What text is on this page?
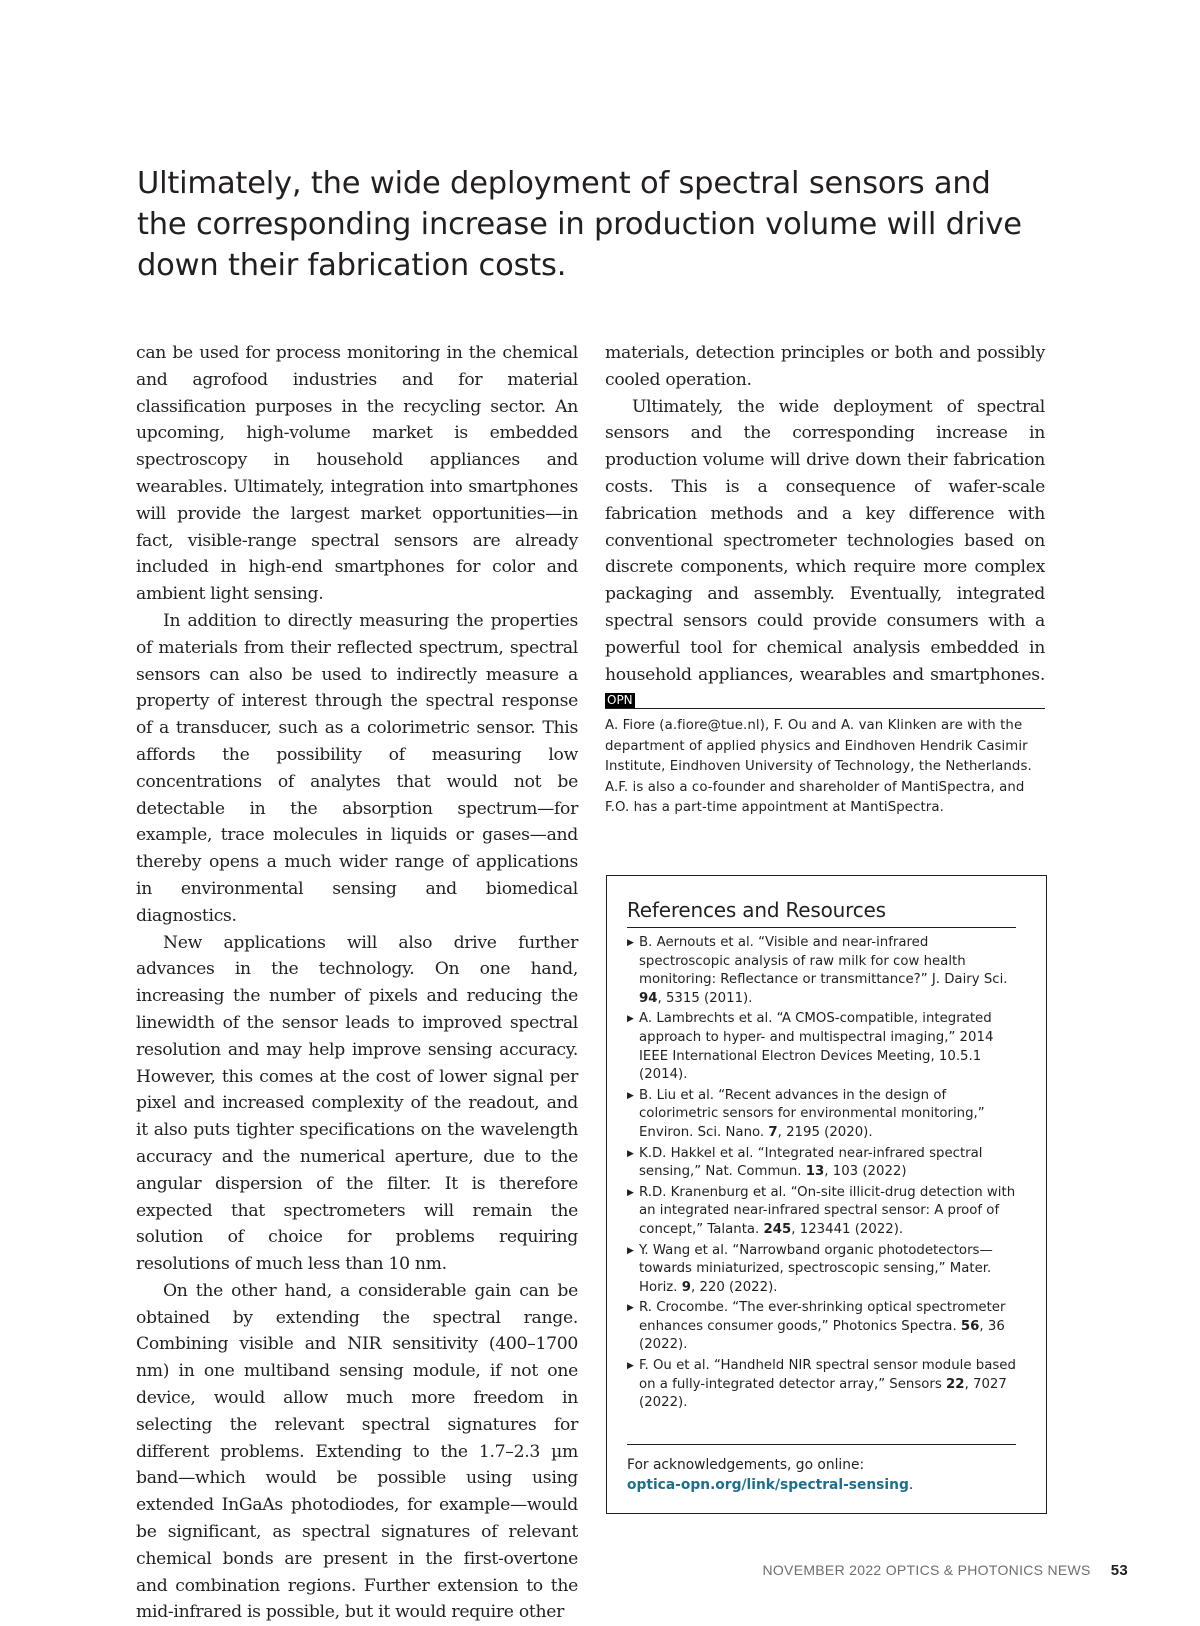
Ultimately, the wide deployment of spectral sensors and the corresponding increase in production volume will drive down their fabrication costs.

can be used for process monitoring in the chemical and agrofood industries and for material classification purposes in the recycling sector. An upcoming, high-volume market is embedded spectroscopy in household appliances and wearables. Ultimately, integration into smartphones will provide the largest market opportunities—in fact, visible-range spectral sensors are already included in high-end smartphones for color and ambient light sensing.

In addition to directly measuring the properties of materials from their reflected spectrum, spectral sensors can also be used to indirectly measure a property of interest through the spectral response of a transducer, such as a colorimetric sensor. This affords the possibility of measuring low concentrations of analytes that would not be detectable in the absorption spectrum—for example, trace molecules in liquids or gases—and thereby opens a much wider range of applications in environmental sensing and biomedical diagnostics.

New applications will also drive further advances in the technology. On one hand, increasing the number of pixels and reducing the linewidth of the sensor leads to improved spectral resolution and may help improve sensing accuracy. However, this comes at the cost of lower signal per pixel and increased complexity of the readout, and it also puts tighter specifications on the wavelength accuracy and the numerical aperture, due to the angular dispersion of the filter. It is therefore expected that spectrometers will remain the solution of choice for problems requiring resolutions of much less than 10 nm.

On the other hand, a considerable gain can be obtained by extending the spectral range. Combining visible and NIR sensitivity (400–1700 nm) in one multiband sensing module, if not one device, would allow much more freedom in selecting the relevant spectral signatures for different problems. Extending to the 1.7–2.3 µm band—which would be possible using using extended InGaAs photodiodes, for example—would be significant, as spectral signatures of relevant chemical bonds are present in the first-overtone and combination regions. Further extension to the mid-infrared is possible, but it would require other

materials, detection principles or both and possibly cooled operation.

Ultimately, the wide deployment of spectral sensors and the corresponding increase in production volume will drive down their fabrication costs. This is a consequence of wafer-scale fabrication methods and a key difference with conventional spectrometer technologies based on discrete components, which require more complex packaging and assembly. Eventually, integrated spectral sensors could provide consumers with a powerful tool for chemical analysis embedded in household appliances, wearables and smartphones. OPN

A. Fiore (a.fiore@tue.nl), F. Ou and A. van Klinken are with the department of applied physics and Eindhoven Hendrik Casimir Institute, Eindhoven University of Technology, the Netherlands. A.F. is also a co-founder and shareholder of MantiSpectra, and F.O. has a part-time appointment at MantiSpectra.
References and Resources
▶ B. Aernouts et al. “Visible and near-infrared spectroscopic analysis of raw milk for cow health monitoring: Reflectance or transmittance?” J. Dairy Sci. 94, 5315 (2011).
▶ A. Lambrechts et al. “A CMOS-compatible, integrated approach to hyper- and multispectral imaging,” 2014 IEEE International Electron Devices Meeting, 10.5.1 (2014).
▶ B. Liu et al. “Recent advances in the design of colorimetric sensors for environmental monitoring,” Environ. Sci. Nano. 7, 2195 (2020).
▶ K.D. Hakkel et al. “Integrated near-infrared spectral sensing,” Nat. Commun. 13, 103 (2022)
▶ R.D. Kranenburg et al. “On-site illicit-drug detection with an integrated near-infrared spectral sensor: A proof of concept,” Talanta. 245, 123441 (2022).
▶ Y. Wang et al. “Narrowband organic photodetectors—towards miniaturized, spectroscopic sensing,” Mater. Horiz. 9, 220 (2022).
▶ R. Crocombe. “The ever-shrinking optical spectrometer enhances consumer goods,” Photonics Spectra. 56, 36 (2022).
▶ F. Ou et al. “Handheld NIR spectral sensor module based on a fully-integrated detector array,” Sensors 22, 7027 (2022).
For acknowledgements, go online:
optica-opn.org/link/spectral-sensing.
NOVEMBER 2022 OPTICS & PHOTONICS NEWS 53
